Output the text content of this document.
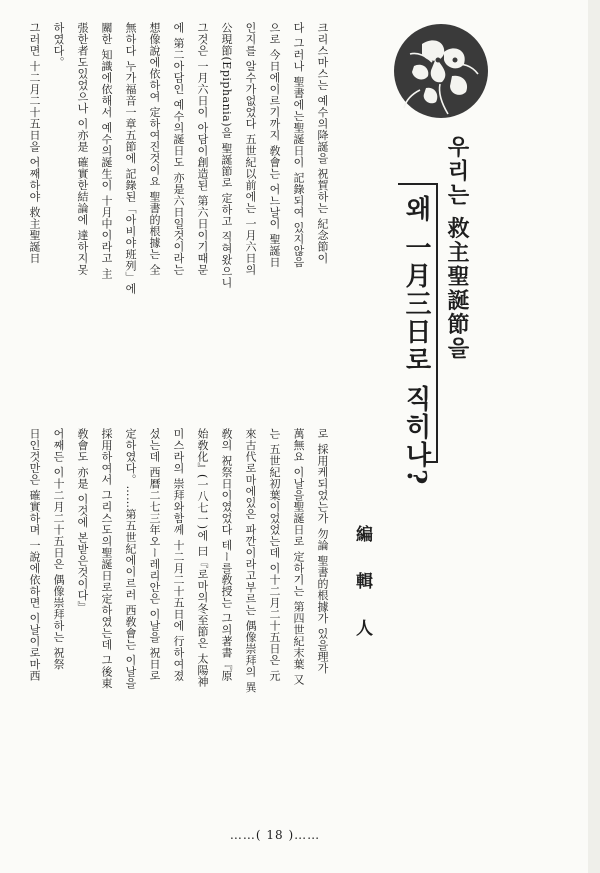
우리는 救主聖誕節을
왜 一月三日로 직히나?
編輯人
크리스마스는 예수의降誕을 祝賀하는 紀念節이
다 그러나 聖書에는聖誕日이 記錄되여 있지않음
으로 今日에이르기까지 敎會는 어느날이 聖誕日
인지를 알수가없었다 五世紀以前에는 一月六日의
公現節(Epiphania)을 聖誕節로 定하고 직혀왔으니
그것은 一月六日이 아담이創造된 第六日이기때문
에 第二아담인 예수의誕日도 亦是六日일것이라는
想像說에依하여 定하여진것이요 聖書的根據는 全
無하다 누가福音一章五節에 記錄된「아비야班列」에
關한 知識에依해서 예수의誕生이 十月中이라고 主
張한者도있었으나 이亦是 確實한結論에 達하지못
하였다。
그러면 十二月二十五日을 어째하야 救主聖誕日
로 採用케되었는가 勿論 聖書的根據가 있을理가
萬無요 이날을聖誕日로 定하기는 第四世紀末葉 又
는 五世紀初葉이었었는데 이十二月二十五日은 元
來古代로마에있은 파깐이라고부르는 偶像崇拜의 異
敎의 祝祭日이였었다 테ー를敎授는 그의著書『原
始敎化』(一八七一)에 曰『로마의冬至節은 太陽神
미스라의 崇拜와함께 十二月二十五日에 行하여졌
섰는데 西曆二七三年오ー레리안은 이날을 祝日로
定하였다。……第五世紀에이르러 西敎會는 이날을
採用하여서 그리스도의聖誕日로定하였는데 그後東
敎會도 亦是 이것에 본받은것이다』
어째든 이十二月二十五日은 偶像崇拜하는 祝祭
日인것만은 確實하며 一說에依하면 이날이로마西
……( 18 )……
